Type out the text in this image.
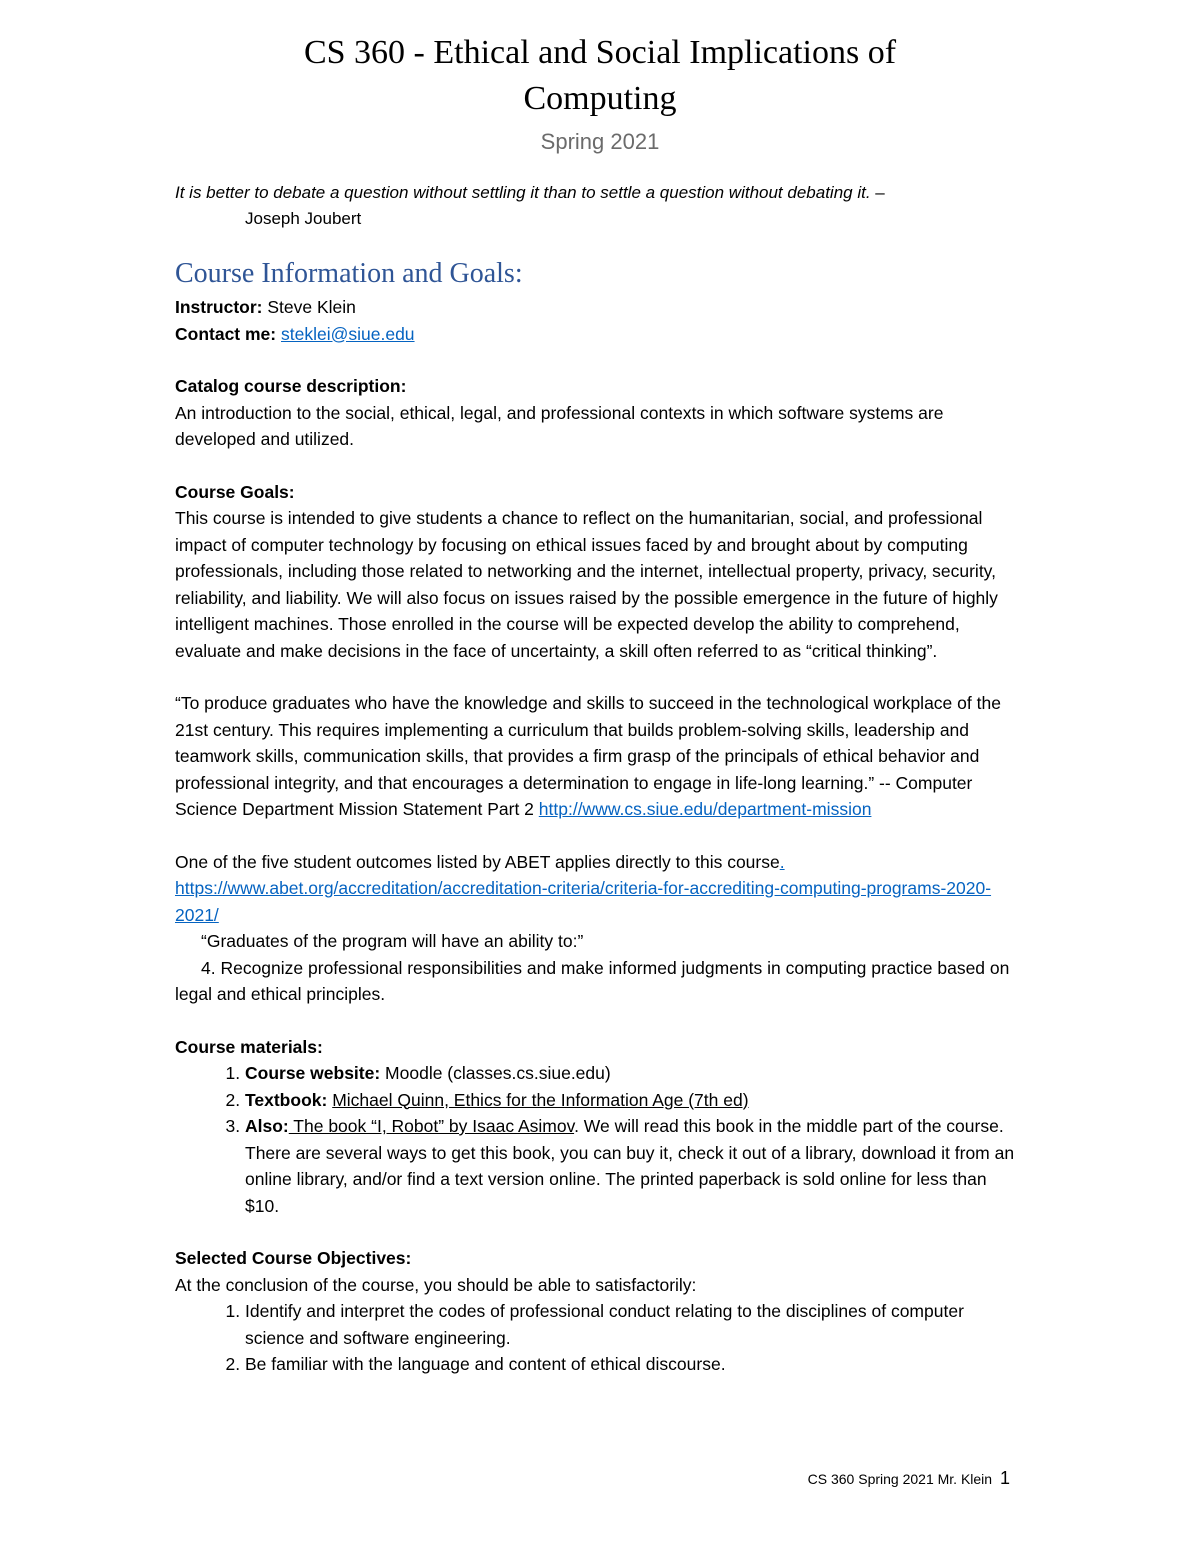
CS 360 - Ethical and Social Implications of
Computing
Spring 2021
It is better to debate a question without settling it than to settle a question without debating it. –
Joseph Joubert
Course Information and Goals:

Instructor: Steve Klein

Contact me: steklei@siue.edu

Catalog course description:

An introduction to the social, ethical, legal, and professional contexts in which software systems are developed and utilized.

Course Goals:

This course is intended to give students a chance to reflect on the humanitarian, social, and professional impact of computer technology by focusing on ethical issues faced by and brought about by computing professionals, including those related to networking and the internet, intellectual property, privacy, security, reliability, and liability. We will also focus on issues raised by the possible emergence in the future of highly intelligent machines. Those enrolled in the course will be expected develop the ability to comprehend, evaluate and make decisions in the face of uncertainty, a skill often referred to as “critical thinking”.

“To produce graduates who have the knowledge and skills to succeed in the technological workplace of the 21st century. This requires implementing a curriculum that builds problem-solving skills, leadership and teamwork skills, communication skills, that provides a firm grasp of the principals of ethical behavior and professional integrity, and that encourages a determination to engage in life-long learning.” -- Computer Science Department Mission Statement Part 2 http://www.cs.siue.edu/department-mission

One of the five student outcomes listed by ABET applies directly to this course.
https://www.abet.org/accreditation/accreditation-criteria/criteria-for-accrediting-computing-programs-2020-2021/

“Graduates of the program will have an ability to:”

4. Recognize professional responsibilities and make informed judgments in computing practice based on legal and ethical principles.

Course materials:

1. Course website: Moodle (classes.cs.siue.edu)
2. Textbook: Michael Quinn, Ethics for the Information Age (7th ed)
3. Also: The book “I, Robot” by Isaac Asimov. We will read this book in the middle part of the course. There are several ways to get this book, you can buy it, check it out of a library, download it from an online library, and/or find a text version online. The printed paperback is sold online for less than $10.

Selected Course Objectives:

At the conclusion of the course, you should be able to satisfactorily:

1. Identify and interpret the codes of professional conduct relating to the disciplines of computer science and software engineering.
2. Be familiar with the language and content of ethical discourse.
CS 360 Spring 2021 Mr. Klein 1
